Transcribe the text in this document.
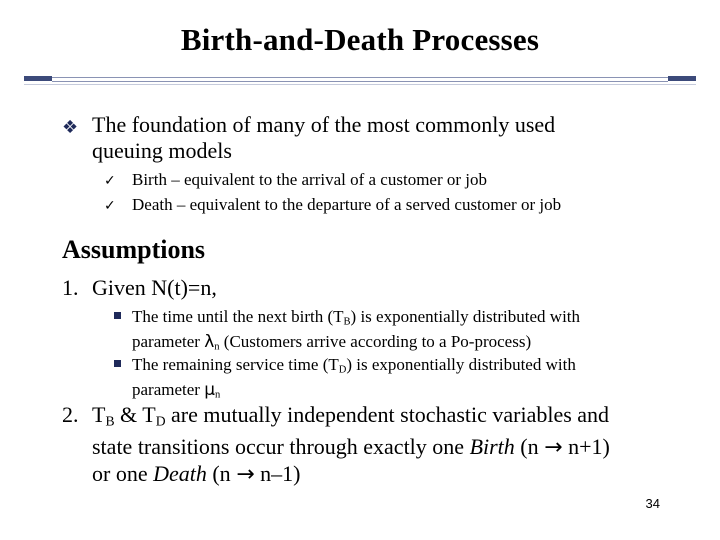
Birth-and-Death Processes
❖ The foundation of many of the most commonly used
queuing models
✓ Birth – equivalent to the arrival of a customer or job
✓ Death – equivalent to the departure of a served customer or job
Assumptions
1. Given N(t)=n,
The time until the next birth $(T_B)$ is exponentially distributed with
parameter $\lambda_n$ (Customers arrive according to a Po-process)
The remaining service time $(T_D)$ is exponentially distributed with
parameter $\mu_n$
2. $T_B$ & $T_D$ are mutually independent stochastic variables and
state transitions occur through exactly one Birth (n → n+1)
or one Death (n → n–1)
34
